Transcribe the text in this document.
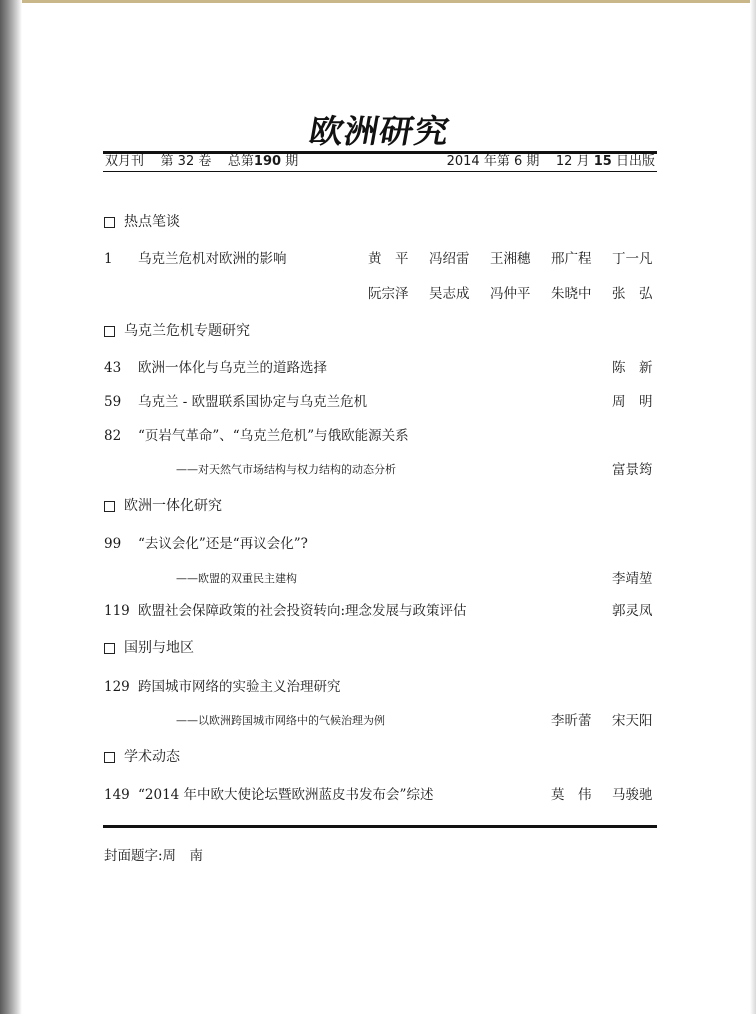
欧洲研究
双月刊 第 32 卷 总第190 期	2014 年第 6 期 12 月 15 日出版
热点笔谈
1 乌克兰危机对欧洲的影响	黄　平 冯绍雷 王湘穗 邢广程 丁一凡
阮宗泽 吴志成 冯仲平 朱晓中 张　弘
乌克兰危机专题研究
43 欧洲一体化与乌克兰的道路选择	陈　新
59 乌克兰 - 欧盟联系国协定与乌克兰危机	周　明
82 “页岩气革命”、“乌克兰危机”与俄欧能源关系
——对天然气市场结构与权力结构的动态分析	富景筠
欧洲一体化研究
99 “去议会化”还是“再议会化”?
——欧盟的双重民主建构	李靖堃
119 欧盟社会保障政策的社会投资转向:理念发展与政策评估	郭灵凤
国别与地区
129 跨国城市网络的实验主义治理研究
——以欧洲跨国城市网络中的气候治理为例	李昕蕾 宋天阳
学术动态
149 “2014 年中欧大使论坛暨欧洲蓝皮书发布会”综述	莫　伟 马骏驰
封面题字:周　南
